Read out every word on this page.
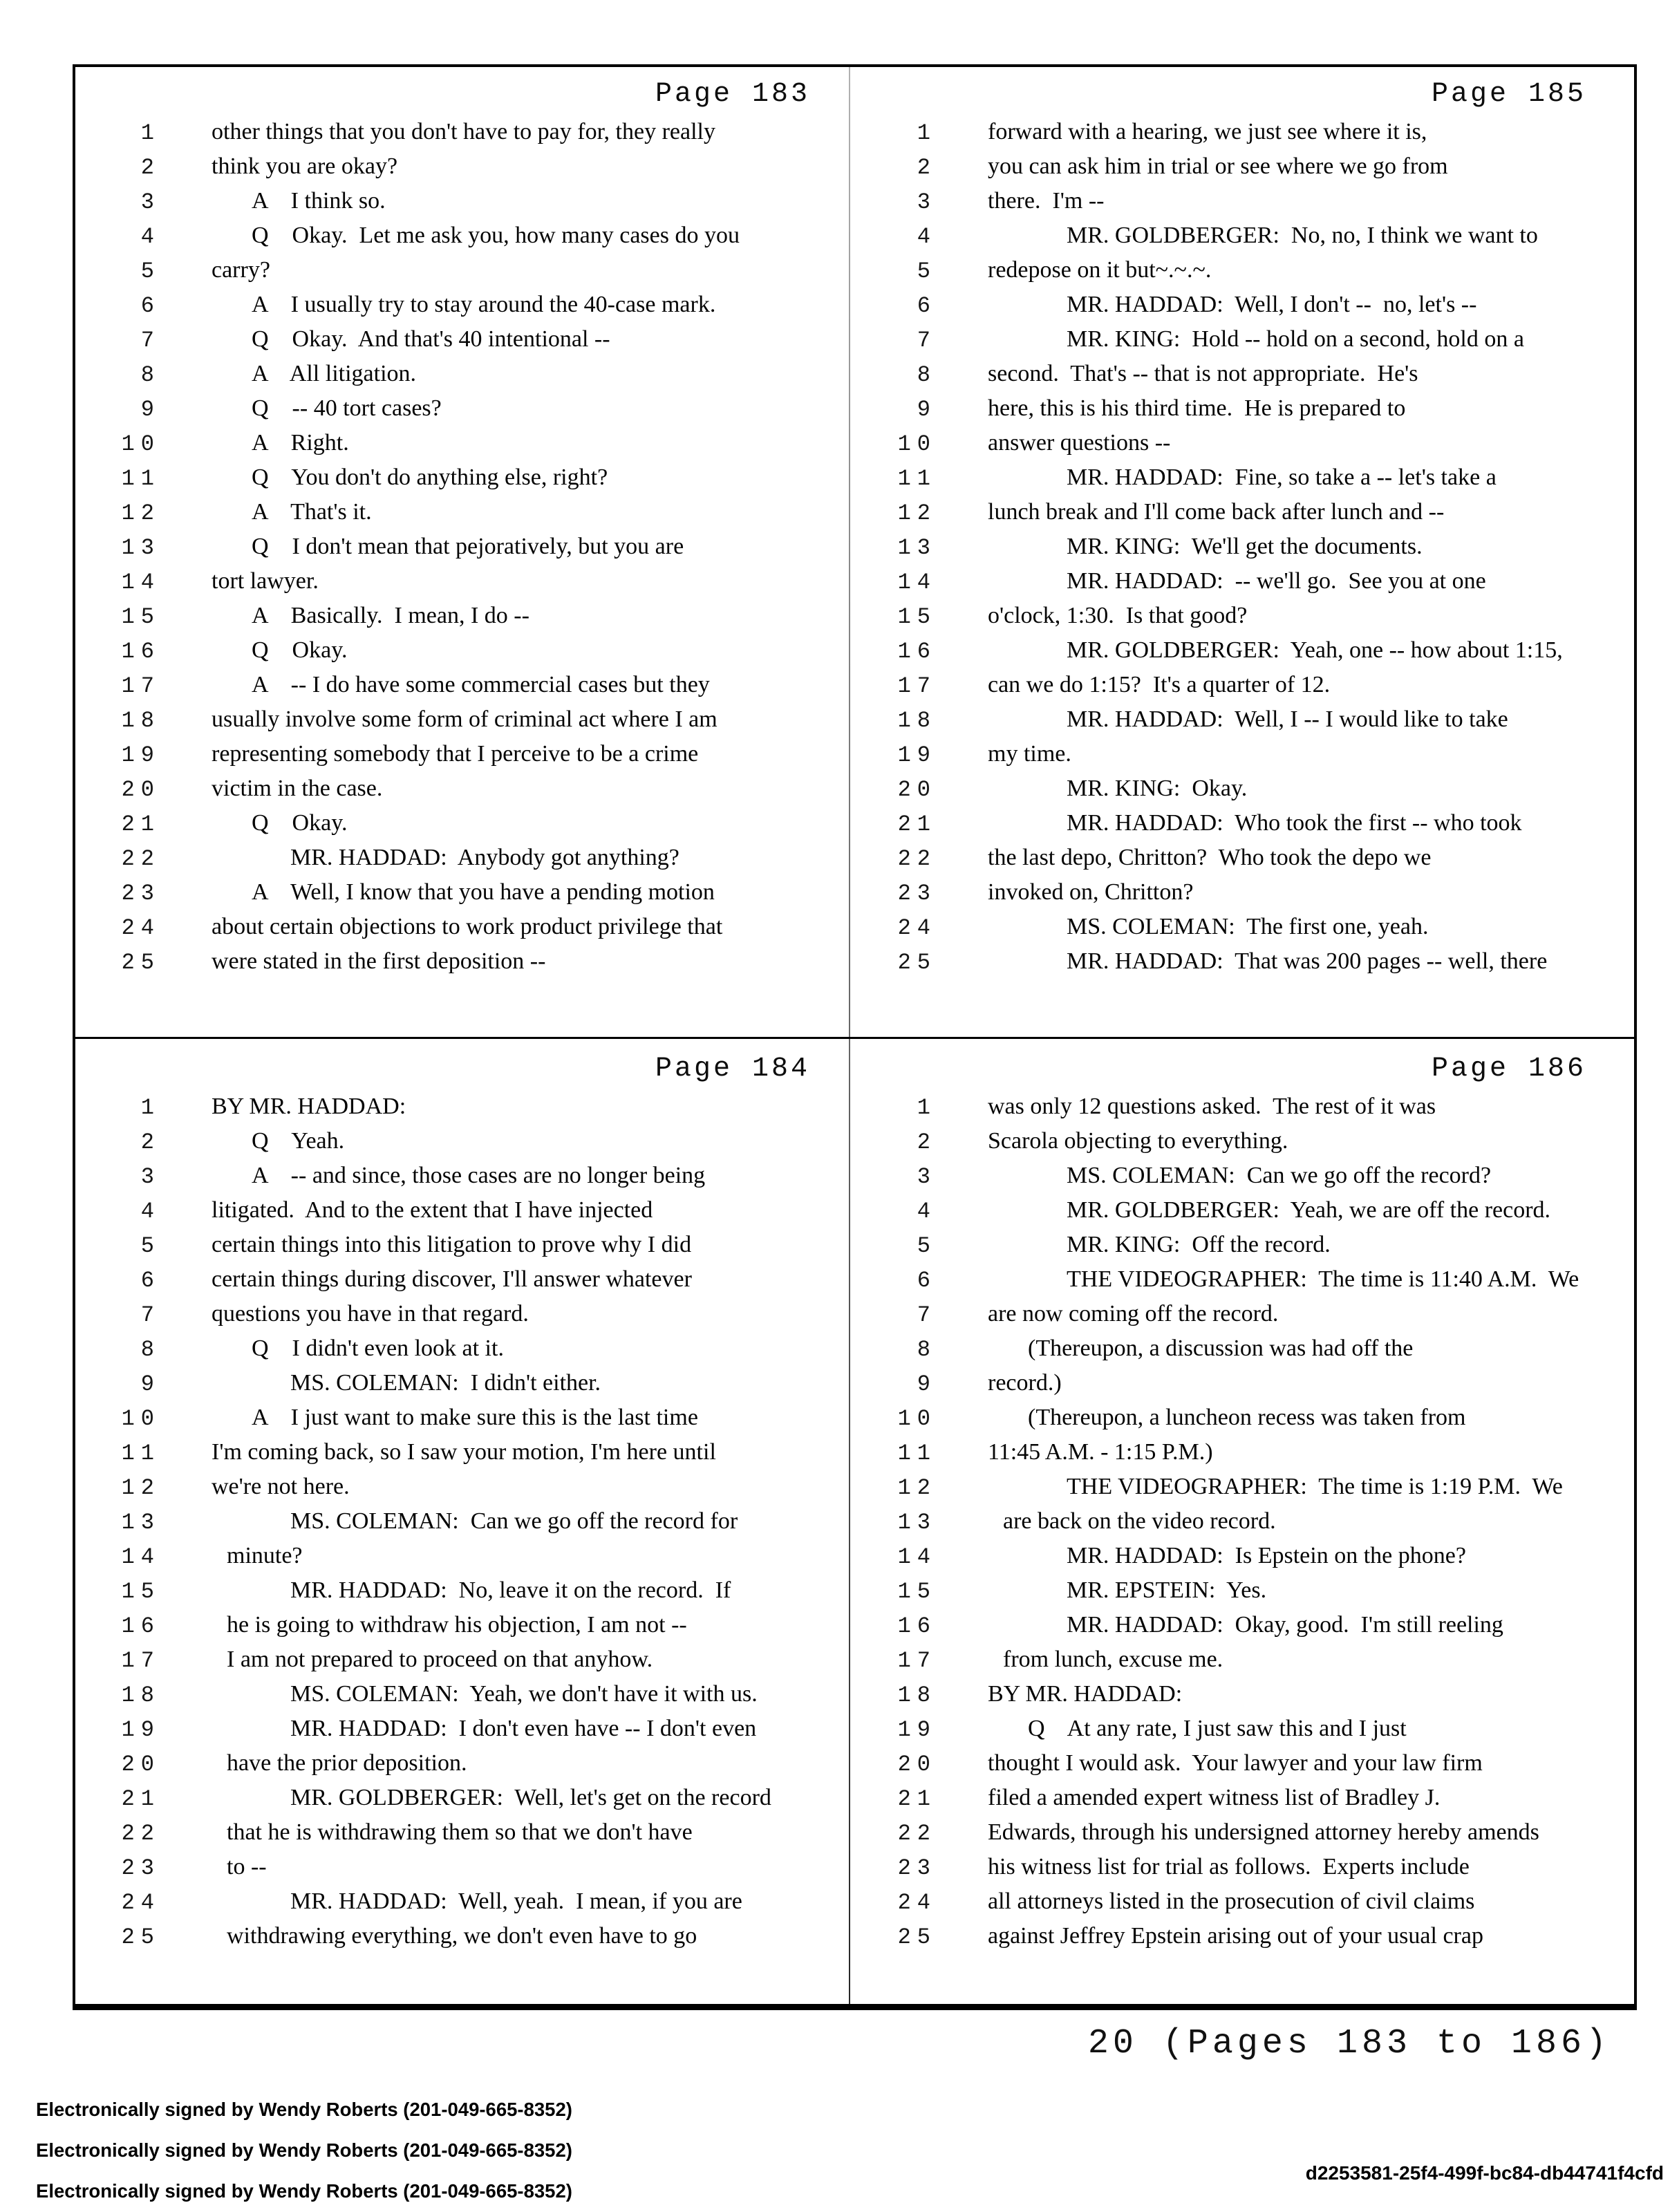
Page 183
1 other things that you don't have to pay for, they really
2 think you are okay?
3	A    I think so.
4	Q    Okay.  Let me ask you, how many cases do you
5 carry?
6	A    I usually try to stay around the 40-case mark.
7	Q    Okay.  And that's 40 intentional --
8	A    All litigation.
9	Q    -- 40 tort cases?
10	A    Right.
11	Q    You don't do anything else, right?
12	A    That's it.
13	Q    I don't mean that pejoratively, but you are
14 tort lawyer.
15	A    Basically.  I mean, I do --
16	Q    Okay.
17	A    -- I do have some commercial cases but they
18 usually involve some form of criminal act where I am
19 representing somebody that I perceive to be a crime
20 victim in the case.
21	Q    Okay.
22	MR. HADDAD:  Anybody got anything?
23	A    Well, I know that you have a pending motion
24 about certain objections to work product privilege that
25 were stated in the first deposition --
Page 185
1 forward with a hearing, we just see where it is,
2 you can ask him in trial or see where we go from
3 there.  I'm --
4	MR. GOLDBERGER:  No, no, I think we want to
5 redepose on it but~.~.~.
6	MR. HADDAD:  Well, I don't --  no, let's --
7	MR. KING:  Hold -- hold on a second, hold on a
8 second.  That's -- that is not appropriate.  He's
9 here, this is his third time.  He is prepared to
10 answer questions --
11	MR. HADDAD:  Fine, so take a -- let's take a
12 lunch break and I'll come back after lunch and --
13	MR. KING:  We'll get the documents.
14	MR. HADDAD:  -- we'll go.  See you at one
15 o'clock, 1:30.  Is that good?
16	MR. GOLDBERGER:  Yeah, one -- how about 1:15,
17 can we do 1:15?  It's a quarter of 12.
18	MR. HADDAD:  Well, I -- I would like to take
19 my time.
20	MR. KING:  Okay.
21	MR. HADDAD:  Who took the first -- who took
22 the last depo, Chritton?  Who took the depo we
23 invoked on, Chritton?
24	MS. COLEMAN:  The first one, yeah.
25	MR. HADDAD:  That was 200 pages -- well, there
Page 184
1 BY MR. HADDAD:
2	Q    Yeah.
3	A    -- and since, those cases are no longer being
4 litigated.  And to the extent that I have injected
5 certain things into this litigation to prove why I did
6 certain things during discover, I'll answer whatever
7 questions you have in that regard.
8	Q    I didn't even look at it.
9	MS. COLEMAN:  I didn't either.
10	A    I just want to make sure this is the last time
11 I'm coming back, so I saw your motion, I'm here until
12 we're not here.
13	MS. COLEMAN:  Can we go off the record for
14	minute?
15	MR. HADDAD:  No, leave it on the record.  If
16	he is going to withdraw his objection, I am not --
17	I am not prepared to proceed on that anyhow.
18	MS. COLEMAN:  Yeah, we don't have it with us.
19	MR. HADDAD:  I don't even have -- I don't even
20	have the prior deposition.
21	MR. GOLDBERGER:  Well, let's get on the record
22	that he is withdrawing them so that we don't have
23	to --
24	MR. HADDAD:  Well, yeah.  I mean, if you are
25	withdrawing everything, we don't even have to go
Page 186
1 was only 12 questions asked.  The rest of it was
2 Scarola objecting to everything.
3	MS. COLEMAN:  Can we go off the record?
4	MR. GOLDBERGER:  Yeah, we are off the record.
5	MR. KING:  Off the record.
6	THE VIDEOGRAPHER:  The time is 11:40 A.M.  We
7 are now coming off the record.
8	(Thereupon, a discussion was had off the
9 record.)
10	(Thereupon, a luncheon recess was taken from
11 11:45 A.M. - 1:15 P.M.)
12	THE VIDEOGRAPHER:  The time is 1:19 P.M.  We
13	are back on the video record.
14	MR. HADDAD:  Is Epstein on the phone?
15	MR. EPSTEIN:  Yes.
16	MR. HADDAD:  Okay, good.  I'm still reeling
17	from lunch, excuse me.
18 BY MR. HADDAD:
19	Q    At any rate, I just saw this and I just
20 thought I would ask.  Your lawyer and your law firm
21 filed a amended expert witness list of Bradley J.
22 Edwards, through his undersigned attorney hereby amends
23 his witness list for trial as follows.  Experts include
24 all attorneys listed in the prosecution of civil claims
25 against Jeffrey Epstein arising out of your usual crap
20 (Pages 183 to 186)
Electronically signed by Wendy Roberts (201-049-665-8352)
Electronically signed by Wendy Roberts (201-049-665-8352)
Electronically signed by Wendy Roberts (201-049-665-8352)
d2253581-25f4-499f-bc84-db44741f4cfd
